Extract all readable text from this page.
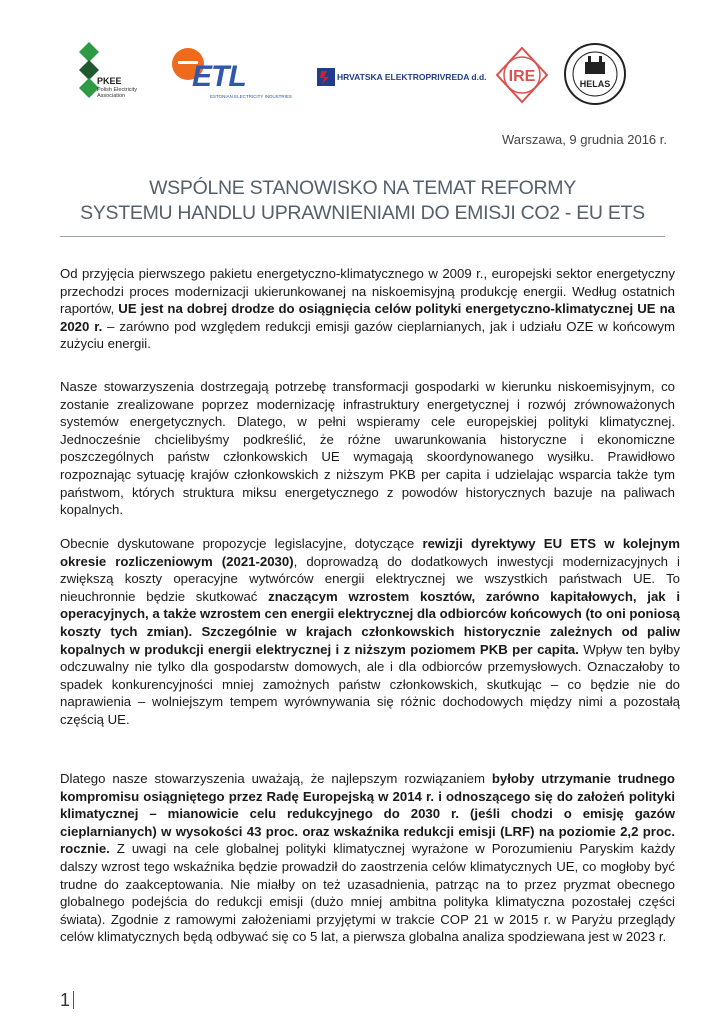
PKEE
Polish Electricity Association
ETL
ESTONIAN ELECTRICITY INDUSTRIES
HRVATSKA ELEKTROPRIVREDA d.d. IRE	HELAS
Warszawa, 9 grudnia 2016 r.
WSPÓLNE STANOWISKO NA TEMAT REFORMY
SYSTEMU HANDLU UPRAWNIENIAMI DO EMISJI CO2 - EU ETS
Od przyjęcia pierwszego pakietu energetyczno-klimatycznego w 2009 r., europejski sektor energetyczny przechodzi proces modernizacji ukierunkowanej na niskoemisyjną produkcję energii. Według ostatnich raportów, UE jest na dobrej drodze do osiągnięcia celów polityki energetyczno-klimatycznej UE na 2020 r. – zarówno pod względem redukcji emisji gazów cieplarnianych, jak i udziału OZE w końcowym zużyciu energii.
Nasze stowarzyszenia dostrzegają potrzebę transformacji gospodarki w kierunku niskoemisyjnym, co zostanie zrealizowane poprzez modernizację infrastruktury energetycznej i rozwój zrównoważonych systemów energetycznych. Dlatego, w pełni wspieramy cele europejskiej polityki klimatycznej. Jednocześnie chcielibyśmy podkreślić, że różne uwarunkowania historyczne i ekonomiczne poszczególnych państw członkowskich UE wymagają skoordynowanego wysiłku. Prawidłowo rozpoznając sytuację krajów członkowskich z niższym PKB per capita i udzielając wsparcia także tym państwom, których struktura miksu energetycznego z powodów historycznych bazuje na paliwach kopalnych.
Obecnie dyskutowane propozycje legislacyjne, dotyczące rewizji dyrektywy EU ETS w kolejnym okresie rozliczeniowym (2021-2030), doprowadzą do dodatkowych inwestycji modernizacyjnych i zwiększą koszty operacyjne wytwórców energii elektrycznej we wszystkich państwach UE. To nieuchronnie będzie skutkować znaczącym wzrostem kosztów, zarówno kapitałowych, jak i operacyjnych, a także wzrostem cen energii elektrycznej dla odbiorców końcowych (to oni poniosą koszty tych zmian). Szczególnie w krajach członkowskich historycznie zależnych od paliw kopalnych w produkcji energii elektrycznej i z niższym poziomem PKB per capita. Wpływ ten byłby odczuwalny nie tylko dla gospodarstw domowych, ale i dla odbiorców przemysłowych. Oznaczałoby to spadek konkurencyjności mniej zamożnych państw członkowskich, skutkując – co będzie nie do naprawienia – wolniejszym tempem wyrównywania się różnic dochodowych między nimi a pozostałą częścią UE.
Dlatego nasze stowarzyszenia uważają, że najlepszym rozwiązaniem byłoby utrzymanie trudnego kompromisu osiągniętego przez Radę Europejską w 2014 r. i odnoszącego się do założeń polityki klimatycznej – mianowicie celu redukcyjnego do 2030 r. (jeśli chodzi o emisję gazów cieplarnianych) w wysokości 43 proc. oraz wskaźnika redukcji emisji (LRF) na poziomie 2,2 proc. rocznie. Z uwagi na cele globalnej polityki klimatycznej wyrażone w Porozumieniu Paryskim każdy dalszy wzrost tego wskaźnika będzie prowadził do zaostrzenia celów klimatycznych UE, co mogłoby być trudne do zaakceptowania. Nie miałby on też uzasadnienia, patrząc na to przez pryzmat obecnego globalnego podejścia do redukcji emisji (dużo mniej ambitna polityka klimatyczna pozostałej części świata). Zgodnie z ramowymi założeniami przyjętymi w trakcie COP 21 w 2015 r. w Paryżu przeglądy celów klimatycznych będą odbywać się co 5 lat, a pierwsza globalna analiza spodziewana jest w 2023 r.
1
